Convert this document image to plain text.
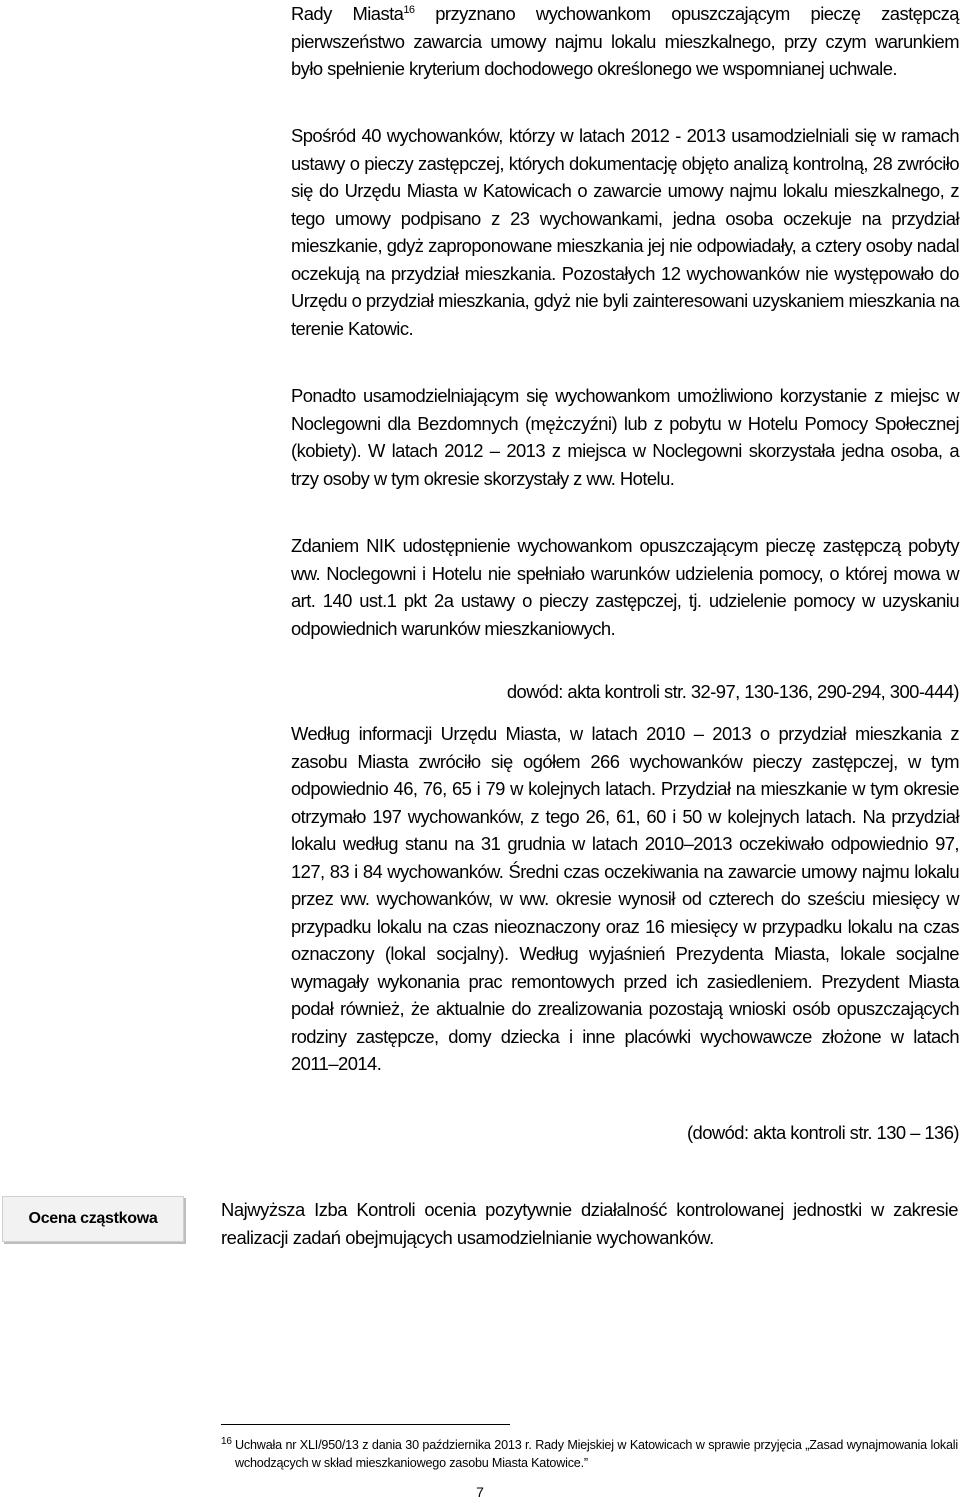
Rady Miasta$^{16}$ przyznano wychowankom opuszczającym pieczę zastępczą pierwszeństwo zawarcia umowy najmu lokalu mieszkalnego, przy czym warunkiem było spełnienie kryterium dochodowego określonego we wspomnianej uchwale.

Spośród 40 wychowanków, którzy w latach 2012 - 2013 usamodzielniali się w ramach ustawy o pieczy zastępczej, których dokumentację objęto analizą kontrolną, 28 zwróciło się do Urzędu Miasta w Katowicach o zawarcie umowy najmu lokalu mieszkalnego, z tego umowy podpisano z 23 wychowankami, jedna osoba oczekuje na przydział mieszkanie, gdyż zaproponowane mieszkania jej nie odpowiadały, a cztery osoby nadal oczekują na przydział mieszkania. Pozostałych 12 wychowanków nie występowało do Urzędu o przydział mieszkania, gdyż nie byli zainteresowani uzyskaniem mieszkania na terenie Katowic.

Ponadto usamodzielniającym się wychowankom umożliwiono korzystanie z miejsc w Noclegowni dla Bezdomnych (mężczyźni) lub z pobytu w Hotelu Pomocy Społecznej (kobiety). W latach 2012 – 2013 z miejsca w Noclegowni skorzystała jedna osoba, a trzy osoby w tym okresie skorzystały z ww. Hotelu.

Zdaniem NIK udostępnienie wychowankom opuszczającym pieczę zastępczą pobyty ww. Noclegowni i Hotelu nie spełniało warunków udzielenia pomocy, o której mowa w art. 140 ust.1 pkt 2a ustawy o pieczy zastępczej, tj. udzielenie pomocy w uzyskaniu odpowiednich warunków mieszkaniowych.

dowód: akta kontroli str. 32-97, 130-136, 290-294, 300-444)

Według informacji Urzędu Miasta, w latach 2010 – 2013 o przydział mieszkania z zasobu Miasta zwróciło się ogółem 266 wychowanków pieczy zastępczej, w tym odpowiednio 46, 76, 65 i 79 w kolejnych latach. Przydział na mieszkanie w tym okresie otrzymało 197 wychowanków, z tego 26, 61, 60 i 50 w kolejnych latach. Na przydział lokalu według stanu na 31 grudnia w latach 2010–2013 oczekiwało odpowiednio 97, 127, 83 i 84 wychowanków. Średni czas oczekiwania na zawarcie umowy najmu lokalu przez ww. wychowanków, w ww. okresie wynosił od czterech do sześciu miesięcy w przypadku lokalu na czas nieoznaczony oraz 16 miesięcy w przypadku lokalu na czas oznaczony (lokal socjalny). Według wyjaśnień Prezydenta Miasta, lokale socjalne wymagały wykonania prac remontowych przed ich zasiedleniem. Prezydent Miasta podał również, że aktualnie do zrealizowania pozostają wnioski osób opuszczających rodziny zastępcze, domy dziecka i inne placówki wychowawcze złożone w latach 2011–2014.

(dowód: akta kontroli str. 130 – 136)

Ocena cząstkowa	Najwyższa Izba Kontroli ocenia pozytywnie działalność kontrolowanej jednostki w zakresie realizacji zadań obejmujących usamodzielnianie wychowanków.
16 Uchwała nr XLI/950/13 z dania 30 października 2013 r. Rady Miejskiej w Katowicach w sprawie przyjęcia „Zasad wynajmowania lokali wchodzących w skład mieszkaniowego zasobu Miasta Katowice.”
7
